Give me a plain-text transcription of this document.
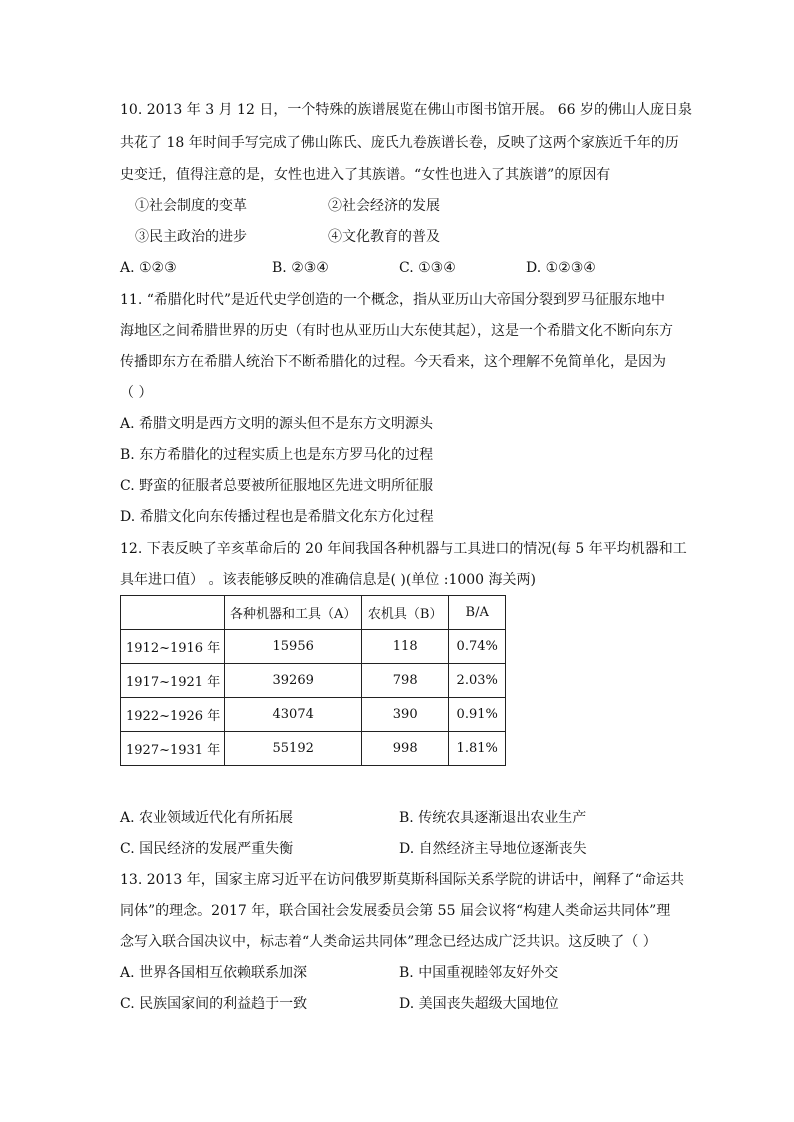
10. 2013 年 3 月 12 日，一个特殊的族谱展览在佛山市图书馆开展。 66 岁的佛山人庞日泉
共花了 18 年时间手写完成了佛山陈氏、庞氏九卷族谱长卷，反映了这两个家族近千年的历
史变迁，值得注意的是，女性也进入了其族谱。“女性也进入了其族谱”的原因有
①社会制度的变革	②社会经济的发展
③民主政治的进步	④文化教育的普及
A. ①②③	B. ②③④	C. ①③④	D. ①②③④
11. “希腊化时代”是近代史学创造的一个概念，指从亚历山大帝国分裂到罗马征服东地中
海地区之间希腊世界的历史（有时也从亚历山大东使其起），这是一个希腊文化不断向东方
传播即东方在希腊人统治下不断希腊化的过程。今天看来，这个理解不免简单化，是因为
（ ）
A. 希腊文明是西方文明的源头但不是东方文明源头
B. 东方希腊化的过程实质上也是东方罗马化的过程
C. 野蛮的征服者总要被所征服地区先进文明所征服
D. 希腊文化向东传播过程也是希腊文化东方化过程
12. 下表反映了辛亥革命后的 20 年间我国各种机器与工具进口的情况(每 5 年平均机器和工
具年进口值） 。该表能够反映的准确信息是( )(单位 :1000 海关两)
	各种机器和工具（A）	农机具（B）	B/A
1912~1916 年	15956	118	0.74%
1917~1921 年	39269	798	2.03%
1922~1926 年	43074	390	0.91%
1927~1931 年	55192	998	1.81%
A. 农业领域近代化有所拓展	B. 传统农具逐渐退出农业生产
C. 国民经济的发展严重失衡	D. 自然经济主导地位逐渐丧失
13. 2013 年，国家主席习近平在访问俄罗斯莫斯科国际关系学院的讲话中，阐释了“命运共
同体”的理念。2017 年，联合国社会发展委员会第 55 届会议将“构建人类命运共同体”理
念写入联合国决议中，标志着“人类命运共同体”理念已经达成广泛共识。这反映了（ ）
A. 世界各国相互依赖联系加深	B. 中国重视睦邻友好外交
C. 民族国家间的利益趋于一致	D. 美国丧失超级大国地位
